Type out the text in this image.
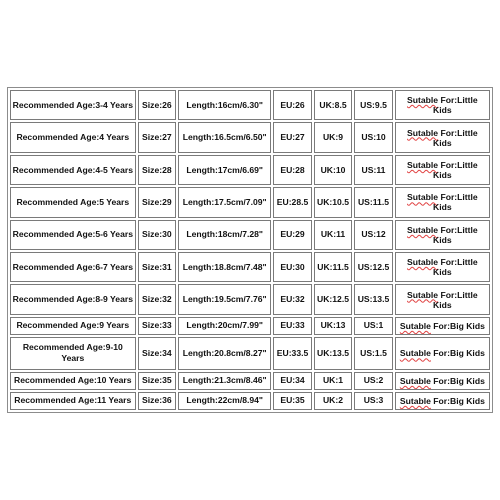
Recommended Age:3-4 Years	Size:26	Length:16cm/6.30"	EU:26	UK:8.5	US:9.5	Sutable For:Little Kids
Recommended Age:4 Years	Size:27	Length:16.5cm/6.50"	EU:27	UK:9	US:10	Sutable For:Little Kids
Recommended Age:4-5 Years	Size:28	Length:17cm/6.69"	EU:28	UK:10	US:11	Sutable For:Little Kids
Recommended Age:5 Years	Size:29	Length:17.5cm/7.09"	EU:28.5	UK:10.5	US:11.5	Sutable For:Little Kids
Recommended Age:5-6 Years	Size:30	Length:18cm/7.28"	EU:29	UK:11	US:12	Sutable For:Little Kids
Recommended Age:6-7 Years	Size:31	Length:18.8cm/7.48"	EU:30	UK:11.5	US:12.5	Sutable For:Little Kids
Recommended Age:8-9 Years	Size:32	Length:19.5cm/7.76"	EU:32	UK:12.5	US:13.5	Sutable For:Little Kids
Recommended Age:9 Years	Size:33	Length:20cm/7.99"	EU:33	UK:13	US:1	Sutable For:Big Kids
Recommended Age:9-10 Years	Size:34	Length:20.8cm/8.27"	EU:33.5	UK:13.5	US:1.5	Sutable For:Big Kids
Recommended Age:10 Years	Size:35	Length:21.3cm/8.46"	EU:34	UK:1	US:2	Sutable For:Big Kids
Recommended Age:11 Years	Size:36	Length:22cm/8.94"	EU:35	UK:2	US:3	Sutable For:Big Kids
